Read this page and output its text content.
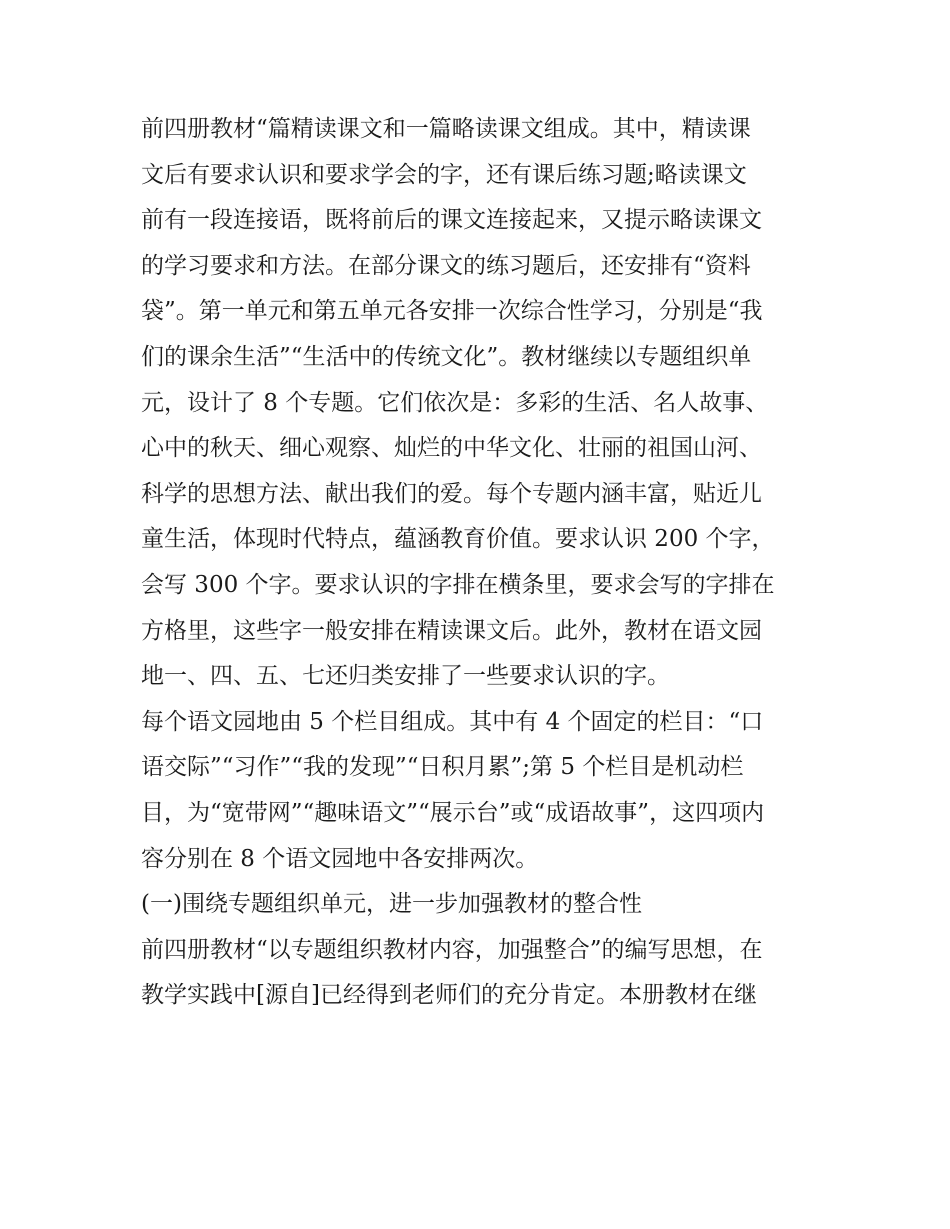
前四册教材“篇精读课文和一篇略读课文组成。其中，精读课
文后有要求认识和要求学会的字，还有课后练习题;略读课文
前有一段连接语，既将前后的课文连接起来，又提示略读课文
的学习要求和方法。在部分课文的练习题后，还安排有“资料
袋”。第一单元和第五单元各安排一次综合性学习，分别是“我
们的课余生活”“生活中的传统文化”。教材继续以专题组织单
元，设计了 8 个专题。它们依次是：多彩的生活、名人故事、
心中的秋天、细心观察、灿烂的中华文化、壮丽的祖国山河、
科学的思想方法、献出我们的爱。每个专题内涵丰富，贴近儿
童生活，体现时代特点，蕴涵教育价值。要求认识 200 个字，
会写 300 个字。要求认识的字排在横条里，要求会写的字排在
方格里，这些字一般安排在精读课文后。此外，教材在语文园
地一、四、五、七还归类安排了一些要求认识的字。
每个语文园地由 5 个栏目组成。其中有 4 个固定的栏目：“口
语交际”“习作”“我的发现”“日积月累”;第 5 个栏目是机动栏
目，为“宽带网”“趣味语文”“展示台”或“成语故事”，这四项内
容分别在 8 个语文园地中各安排两次。
(一)围绕专题组织单元，进一步加强教材的整合性
前四册教材“以专题组织教材内容，加强整合”的编写思想，在
教学实践中[源自]已经得到老师们的充分肯定。本册教材在继
